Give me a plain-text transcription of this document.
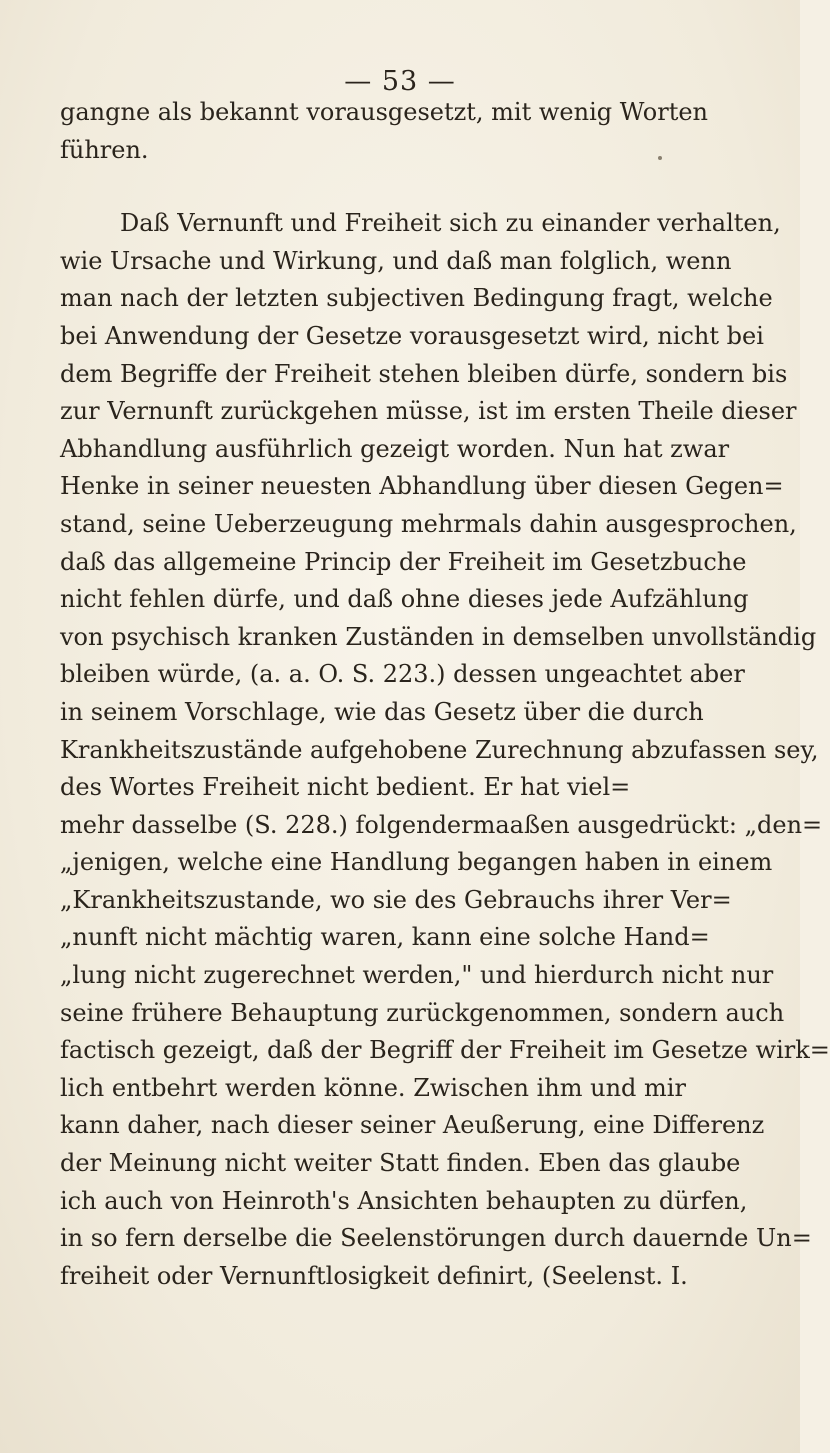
— 53 —
gangne als bekannt vorausgesetzt, mit wenig Worten
führen.
Daß Vernunft und Freiheit sich zu einander verhalten,
wie Ursache und Wirkung, und daß man folglich, wenn
man nach der letzten subjectiven Bedingung fragt, welche
bei Anwendung der Gesetze vorausgesetzt wird, nicht bei
dem Begriffe der Freiheit stehen bleiben dürfe, sondern bis
zur Vernunft zurückgehen müsse, ist im ersten Theile dieser
Abhandlung ausführlich gezeigt worden. Nun hat zwar
Henke in seiner neuesten Abhandlung über diesen Gegen=
stand, seine Ueberzeugung mehrmals dahin ausgesprochen,
daß das allgemeine Princip der Freiheit im Gesetzbuche
nicht fehlen dürfe, und daß ohne dieses jede Aufzählung
von psychisch kranken Zuständen in demselben unvollständig
bleiben würde, (a. a. O. S. 223.) dessen ungeachtet aber
in seinem Vorschlage, wie das Gesetz über die durch
Krankheitszustände aufgehobene Zurechnung abzufassen sey,
des Wortes Freiheit nicht bedient. Er hat viel=
mehr dasselbe (S. 228.) folgendermaaßen ausgedrückt: „den=
„jenigen, welche eine Handlung begangen haben in einem
„Krankheitszustande, wo sie des Gebrauchs ihrer Ver=
„nunft nicht mächtig waren, kann eine solche Hand=
„lung nicht zugerechnet werden," und hierdurch nicht nur
seine frühere Behauptung zurückgenommen, sondern auch
factisch gezeigt, daß der Begriff der Freiheit im Gesetze wirk=
lich entbehrt werden könne. Zwischen ihm und mir
kann daher, nach dieser seiner Aeußerung, eine Differenz
der Meinung nicht weiter Statt finden. Eben das glaube
ich auch von Heinroth's Ansichten behaupten zu dürfen,
in so fern derselbe die Seelenstörungen durch dauernde Un=
freiheit oder Vernunftlosigkeit definirt, (Seelenst. I.
